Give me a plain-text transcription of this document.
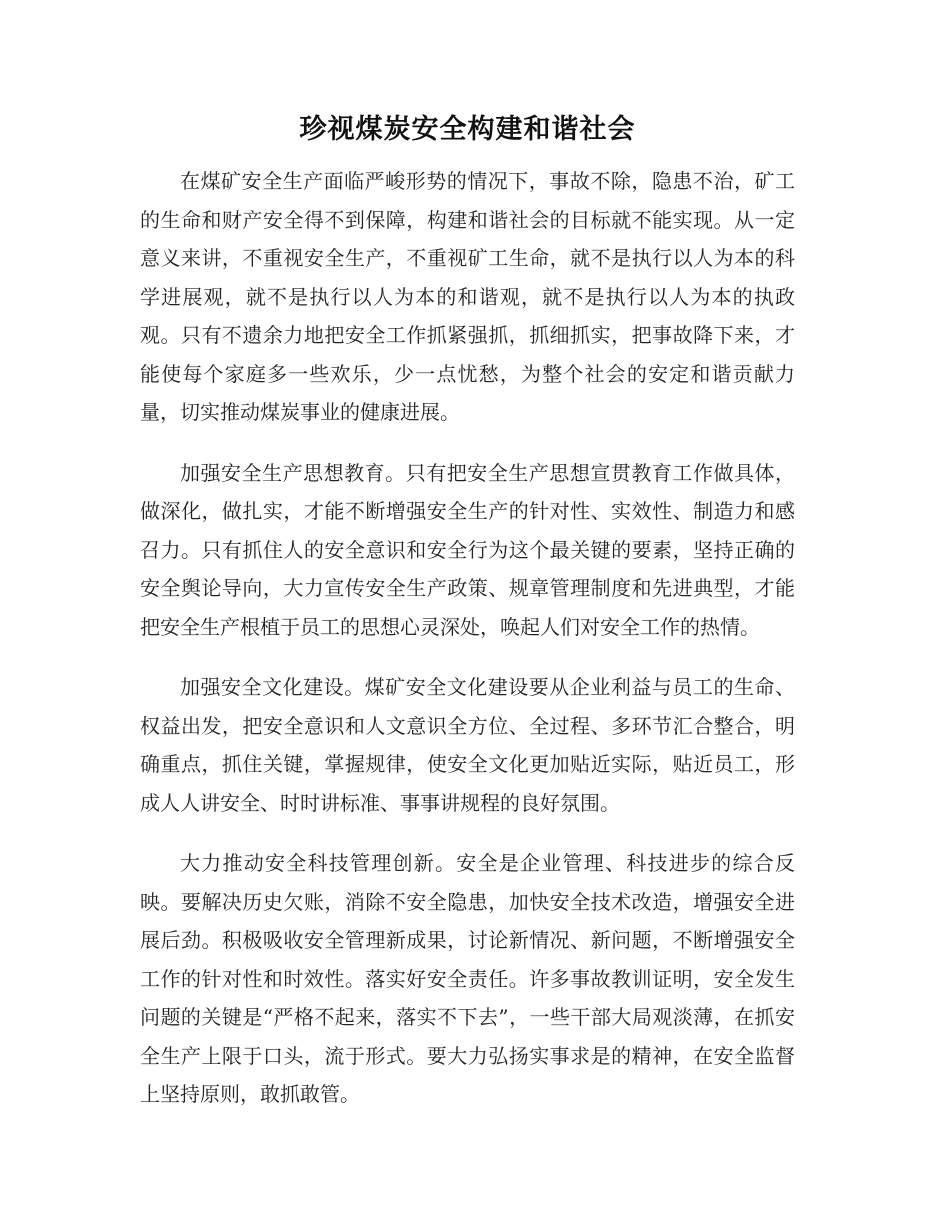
珍视煤炭安全构建和谐社会

在煤矿安全生产面临严峻形势的情况下，事故不除，隐患不治，矿工的生命和财产安全得不到保障，构建和谐社会的目标就不能实现。从一定意义来讲，不重视安全生产，不重视矿工生命，就不是执行以人为本的科学进展观，就不是执行以人为本的和谐观，就不是执行以人为本的执政观。只有不遗余力地把安全工作抓紧强抓，抓细抓实，把事故降下来，才能使每个家庭多一些欢乐，少一点忧愁，为整个社会的安定和谐贡献力量，切实推动煤炭事业的健康进展。

加强安全生产思想教育。只有把安全生产思想宣贯教育工作做具体，做深化，做扎实，才能不断增强安全生产的针对性、实效性、制造力和感召力。只有抓住人的安全意识和安全行为这个最关键的要素，坚持正确的安全舆论导向，大力宣传安全生产政策、规章管理制度和先进典型，才能把安全生产根植于员工的思想心灵深处，唤起人们对安全工作的热情。

加强安全文化建设。煤矿安全文化建设要从企业利益与员工的生命、权益出发，把安全意识和人文意识全方位、全过程、多环节汇合整合，明确重点，抓住关键，掌握规律，使安全文化更加贴近实际，贴近员工，形成人人讲安全、时时讲标准、事事讲规程的良好氛围。

大力推动安全科技管理创新。安全是企业管理、科技进步的综合反映。要解决历史欠账，消除不安全隐患，加快安全技术改造，增强安全进展后劲。积极吸收安全管理新成果，讨论新情况、新问题，不断增强安全工作的针对性和时效性。落实好安全责任。许多事故教训证明，安全发生问题的关键是“严格不起来，落实不下去”，一些干部大局观淡薄，在抓安全生产上限于口头，流于形式。要大力弘扬实事求是的精神，在安全监督上坚持原则，敢抓敢管。
